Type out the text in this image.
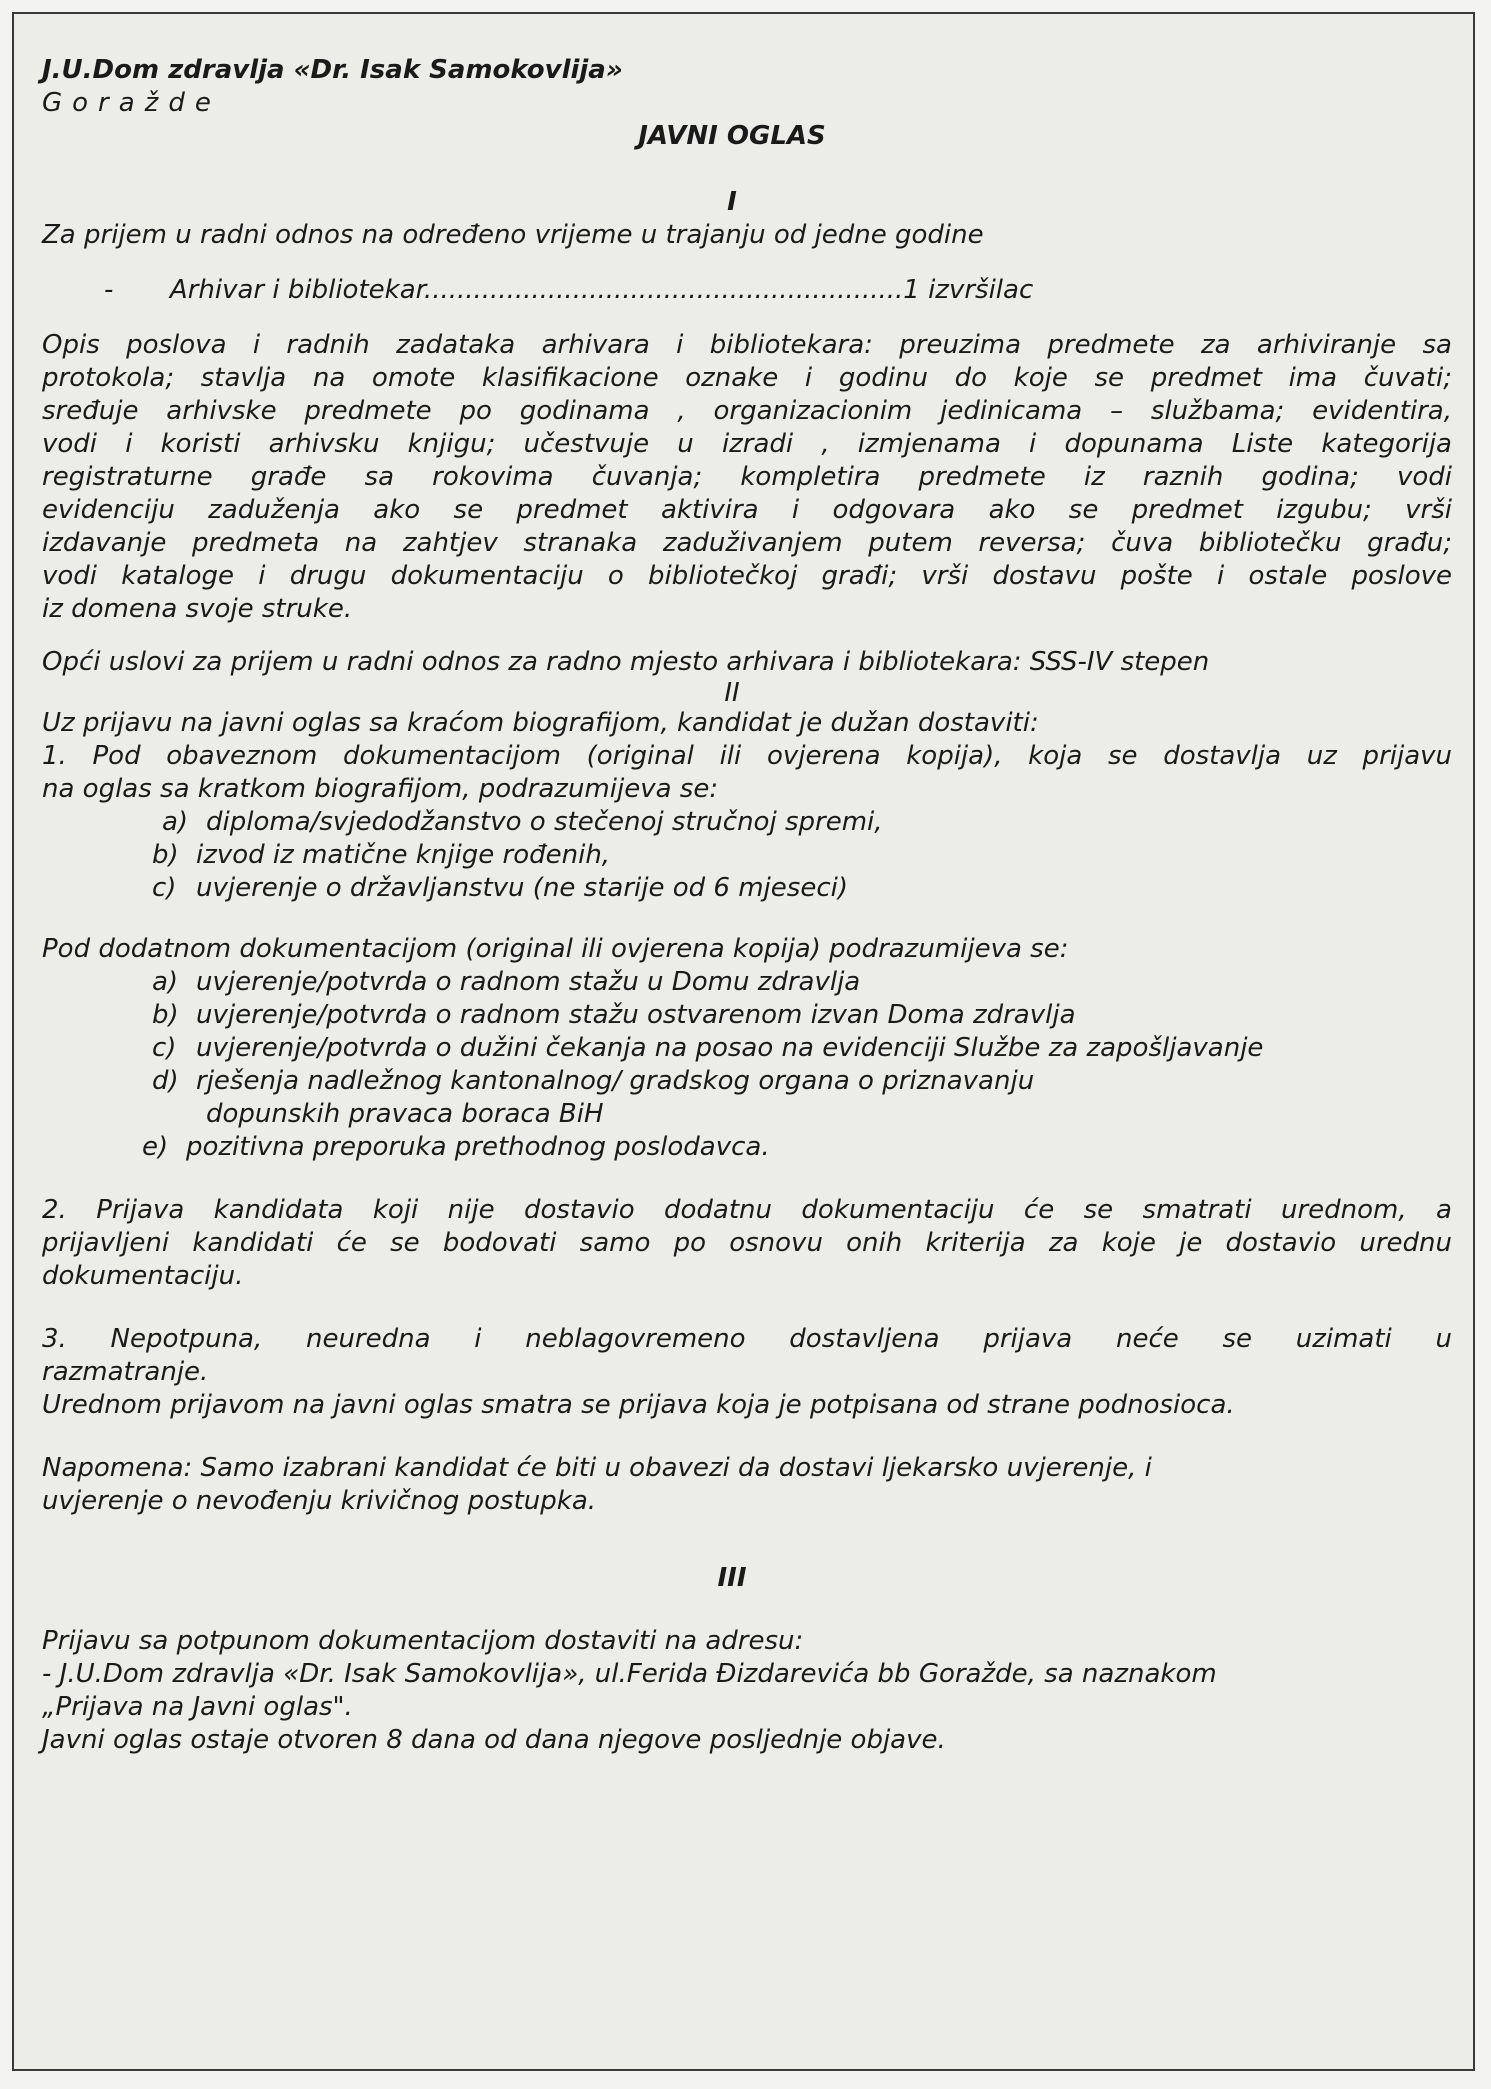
J.U.Dom zdravlja «Dr. Isak Samokovlija»
Goražde
JAVNI OGLAS
I
Za prijem u radni odnos na određeno vrijeme u trajanju od jedne godine
- Arhivar i bibliotekar..........................................................1 izvršilac
Opis poslova i radnih zadataka arhivara i bibliotekara: preuzima predmete za arhiviranje sa
protokola; stavlja na omote klasifikacione oznake i godinu do koje se predmet ima čuvati;
sređuje arhivske predmete po godinama , organizacionim jedinicama – službama; evidentira,
vodi i koristi arhivsku knjigu; učestvuje u izradi , izmjenama i dopunama Liste kategorija
registraturne građe sa rokovima čuvanja; kompletira predmete iz raznih godina; vodi
evidenciju zaduženja ako se predmet aktivira i odgovara ako se predmet izgubu; vrši
izdavanje predmeta na zahtjev stranaka zaduživanjem putem reversa; čuva bibliotečku građu;
vodi kataloge i drugu dokumentaciju o bibliotečkoj građi; vrši dostavu pošte i ostale poslove
iz domena svoje struke.
Opći uslovi za prijem u radni odnos za radno mjesto arhivara i bibliotekara: SSS-IV stepen
II
Uz prijavu na javni oglas sa kraćom biografijom, kandidat je dužan dostaviti:
1. Pod obaveznom dokumentacijom (original ili ovjerena kopija), koja se dostavlja uz prijavu
na oglas sa kratkom biografijom, podrazumijeva se:
a) diploma/svjedodžanstvo o stečenoj stručnoj spremi,
b) izvod iz matične knjige rođenih,
c) uvjerenje o državljanstvu (ne starije od 6 mjeseci)
Pod dodatnom dokumentacijom (original ili ovjerena kopija) podrazumijeva se:
a) uvjerenje/potvrda o radnom stažu u Domu zdravlja
b) uvjerenje/potvrda o radnom stažu ostvarenom izvan Doma zdravlja
c) uvjerenje/potvrda o dužini čekanja na posao na evidenciji Službe za zapošljavanje
d) rješenja nadležnog kantonalnog/ gradskog organa o priznavanju
dopunskih pravaca boraca BiH
e) pozitivna preporuka prethodnog poslodavca.
2. Prijava kandidata koji nije dostavio dodatnu dokumentaciju će se smatrati urednom, a
prijavljeni kandidati će se bodovati samo po osnovu onih kriterija za koje je dostavio urednu
dokumentaciju.
3. Nepotpuna, neuredna i neblagovremeno dostavljena prijava neće se uzimati u
razmatranje.
Urednom prijavom na javni oglas smatra se prijava koja je potpisana od strane podnosioca.
Napomena: Samo izabrani kandidat će biti u obavezi da dostavi ljekarsko uvjerenje, i
uvjerenje o nevođenju krivičnog postupka.
III
Prijavu sa potpunom dokumentacijom dostaviti na adresu:
- J.U.Dom zdravlja «Dr. Isak Samokovlija», ul.Ferida Đizdarevića bb Goražde, sa naznakom
„Prijava na Javni oglas".
Javni oglas ostaje otvoren 8 dana od dana njegove posljednje objave.
